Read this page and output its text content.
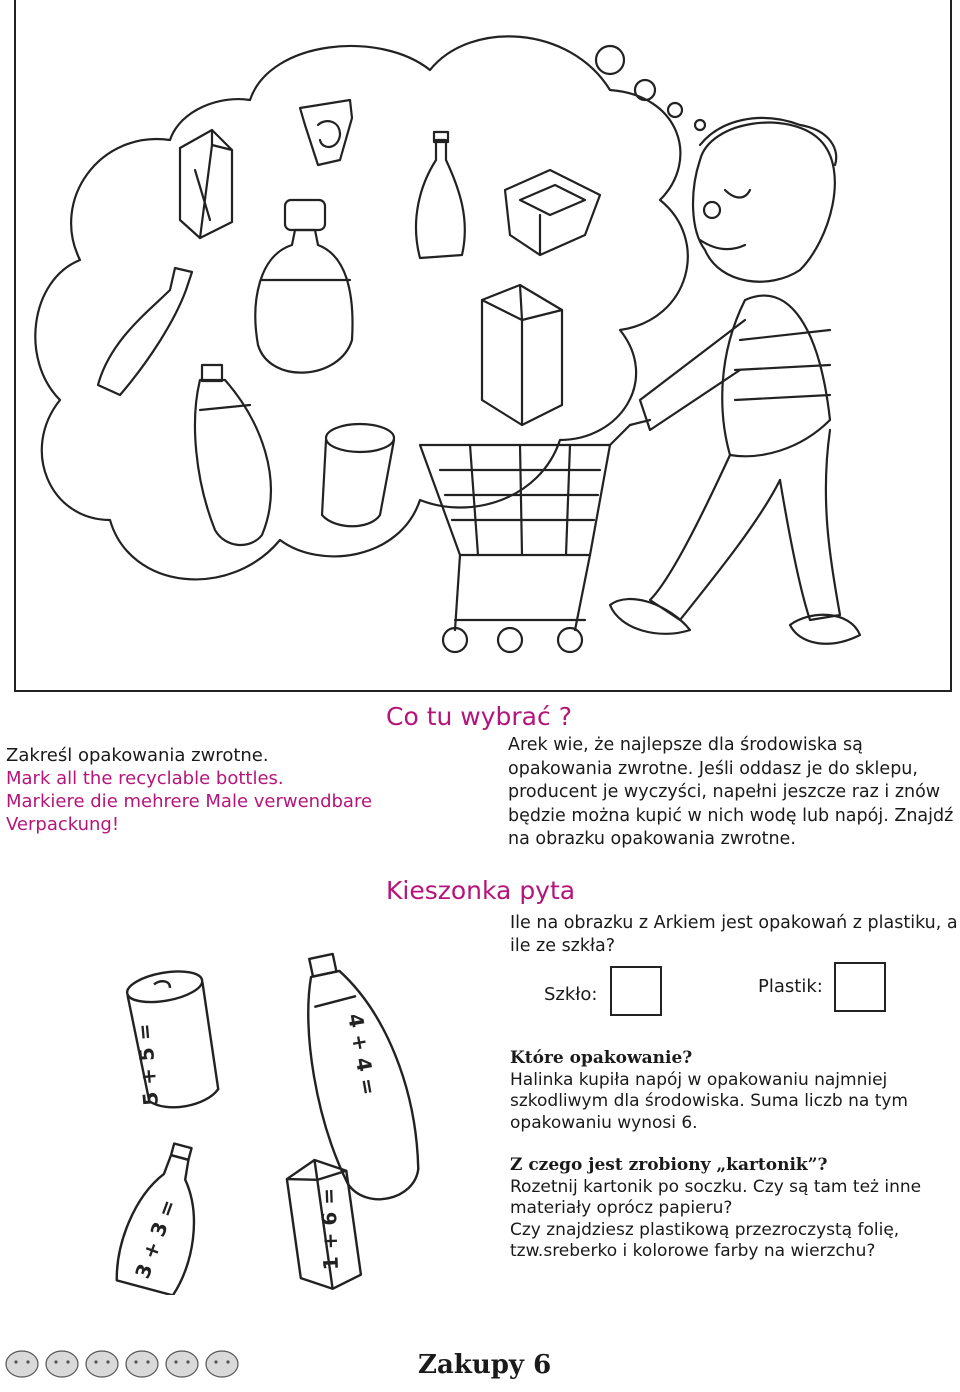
Co tu wybrać ?
Zakreśl opakowania zwrotne.
Mark all the recyclable bottles.
Markiere die mehrere Male verwendbare
Verpackung!
Arek wie, że najlepsze dla środowiska są opakowania zwrotne. Jeśli oddasz je do sklepu, producent je wyczyści, napełni jeszcze raz i znów będzie można kupić w nich wodę lub napój. Znajdź na obrazku opakowania zwrotne.
Kieszonka pyta
Ile na obrazku z Arkiem jest opakowań z plastiku, a ile ze szkła?
Szkło:	Plastik:
5 + 5 =	4 + 4 =
3 + 3 =	1 + 6 =
Które opakowanie?
Halinka kupiła napój w opakowaniu najmniej szkodliwym dla środowiska. Suma liczb na tym opakowaniu wynosi 6.
Z czego jest zrobiony „kartonik”?
Rozetnij kartonik po soczku. Czy są tam też inne materiały oprócz papieru?
Czy znajdziesz plastikową przezroczystą folię, tzw.sreberko i kolorowe farby na wierzchu?
Zakupy 6
